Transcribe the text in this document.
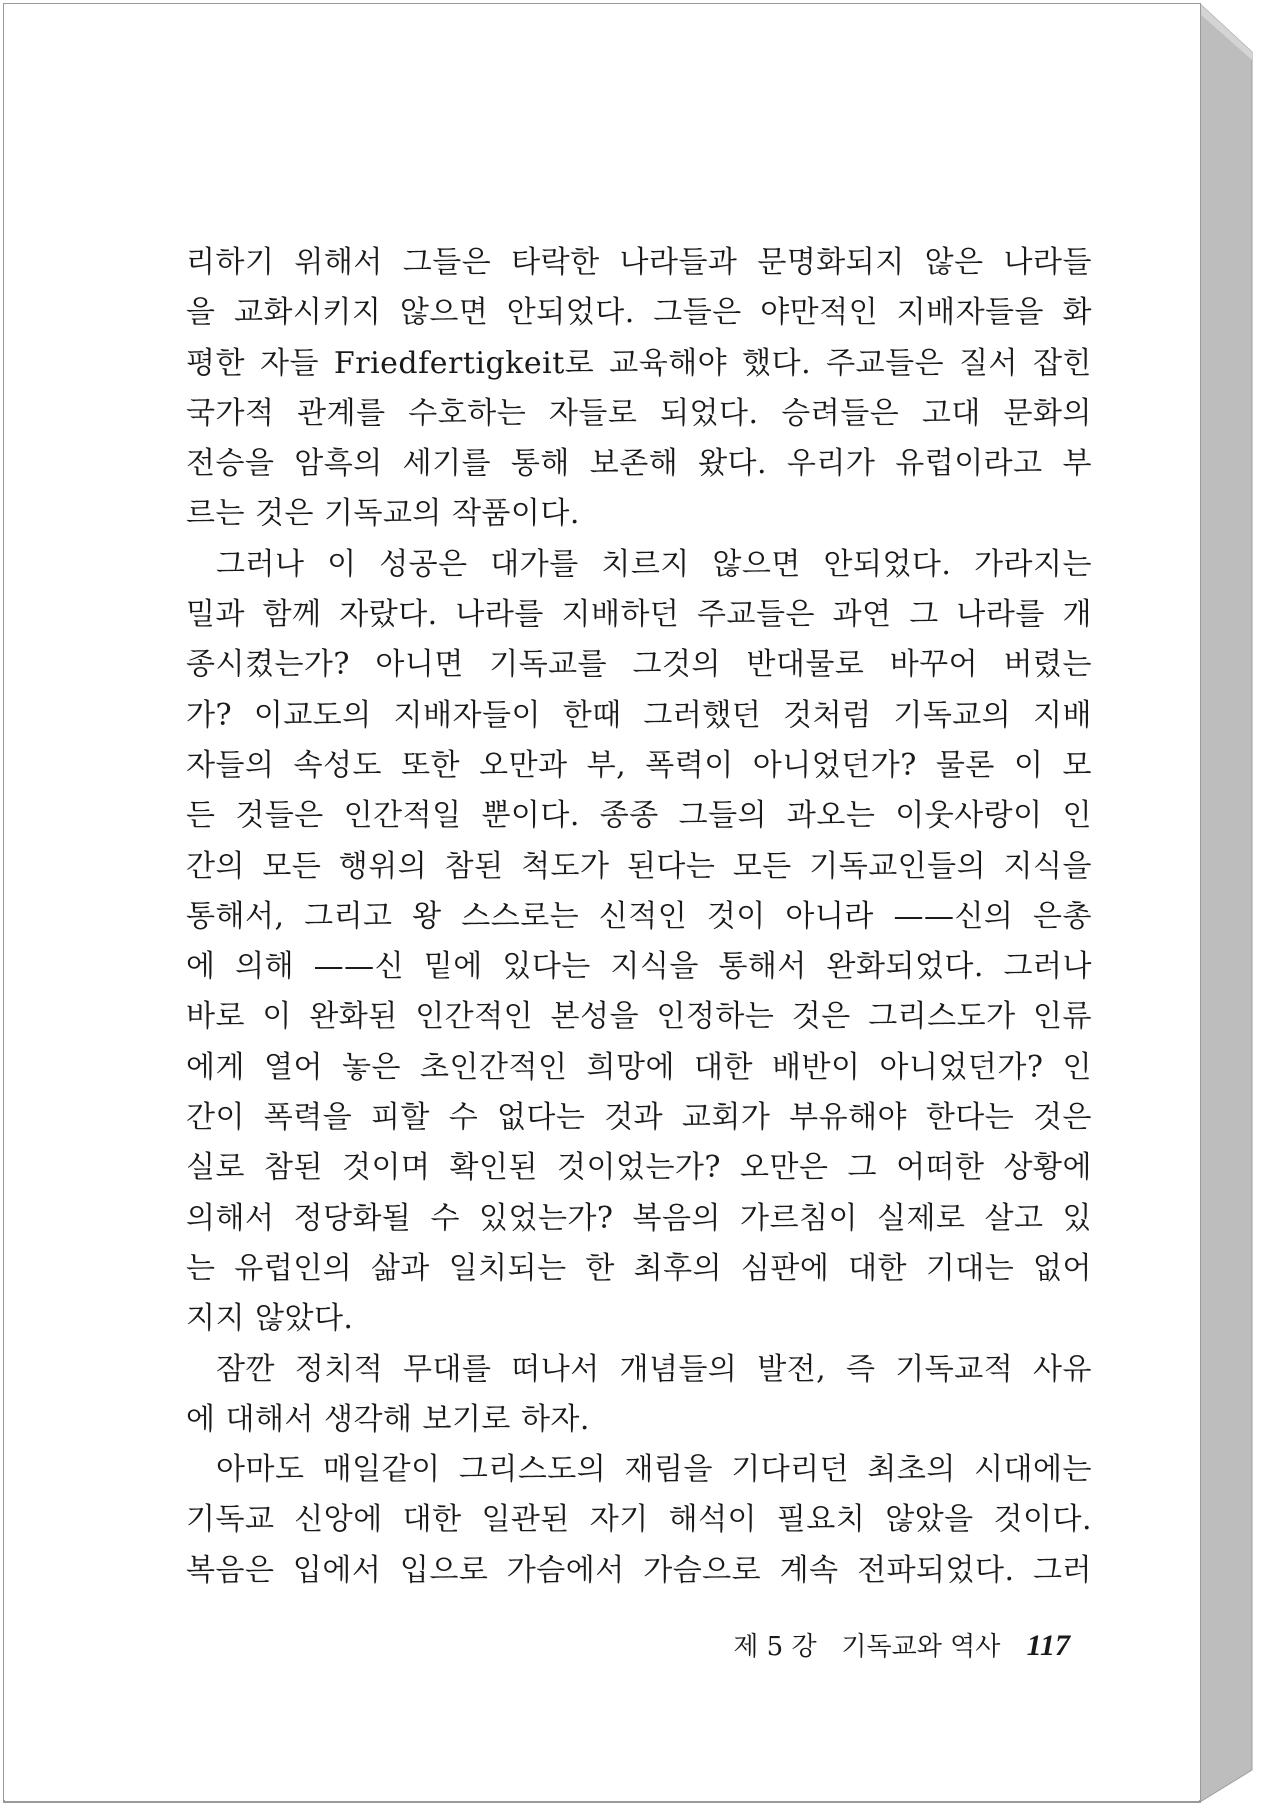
리하기 위해서 그들은 타락한 나라들과 문명화되지 않은 나라들
을 교화시키지 않으면 안되었다. 그들은 야만적인 지배자들을 화
평한 자들 Friedfertigkeit로 교육해야 했다. 주교들은 질서 잡힌
국가적 관계를 수호하는 자들로 되었다. 승려들은 고대 문화의
전승을 암흑의 세기를 통해 보존해 왔다. 우리가 유럽이라고 부
르는 것은 기독교의 작품이다.

그러나 이 성공은 대가를 치르지 않으면 안되었다. 가라지는
밀과 함께 자랐다. 나라를 지배하던 주교들은 과연 그 나라를 개
종시켰는가? 아니면 기독교를 그것의 반대물로 바꾸어 버렸는
가? 이교도의 지배자들이 한때 그러했던 것처럼 기독교의 지배
자들의 속성도 또한 오만과 부, 폭력이 아니었던가? 물론 이 모
든 것들은 인간적일 뿐이다. 종종 그들의 과오는 이웃사랑이 인
간의 모든 행위의 참된 척도가 된다는 모든 기독교인들의 지식을
통해서, 그리고 왕 스스로는 신적인 것이 아니라 ——신의 은총
에 의해 ——신 밑에 있다는 지식을 통해서 완화되었다. 그러나
바로 이 완화된 인간적인 본성을 인정하는 것은 그리스도가 인류
에게 열어 놓은 초인간적인 희망에 대한 배반이 아니었던가? 인
간이 폭력을 피할 수 없다는 것과 교회가 부유해야 한다는 것은
실로 참된 것이며 확인된 것이었는가? 오만은 그 어떠한 상황에
의해서 정당화될 수 있었는가? 복음의 가르침이 실제로 살고 있
는 유럽인의 삶과 일치되는 한 최후의 심판에 대한 기대는 없어
지지 않았다.

잠깐 정치적 무대를 떠나서 개념들의 발전, 즉 기독교적 사유
에 대해서 생각해 보기로 하자.

아마도 매일같이 그리스도의 재림을 기다리던 최초의 시대에는
기독교 신앙에 대한 일관된 자기 해석이 필요치 않았을 것이다.
복음은 입에서 입으로 가슴에서 가슴으로 계속 전파되었다. 그러

제 5 강 기독교와 역사 117
